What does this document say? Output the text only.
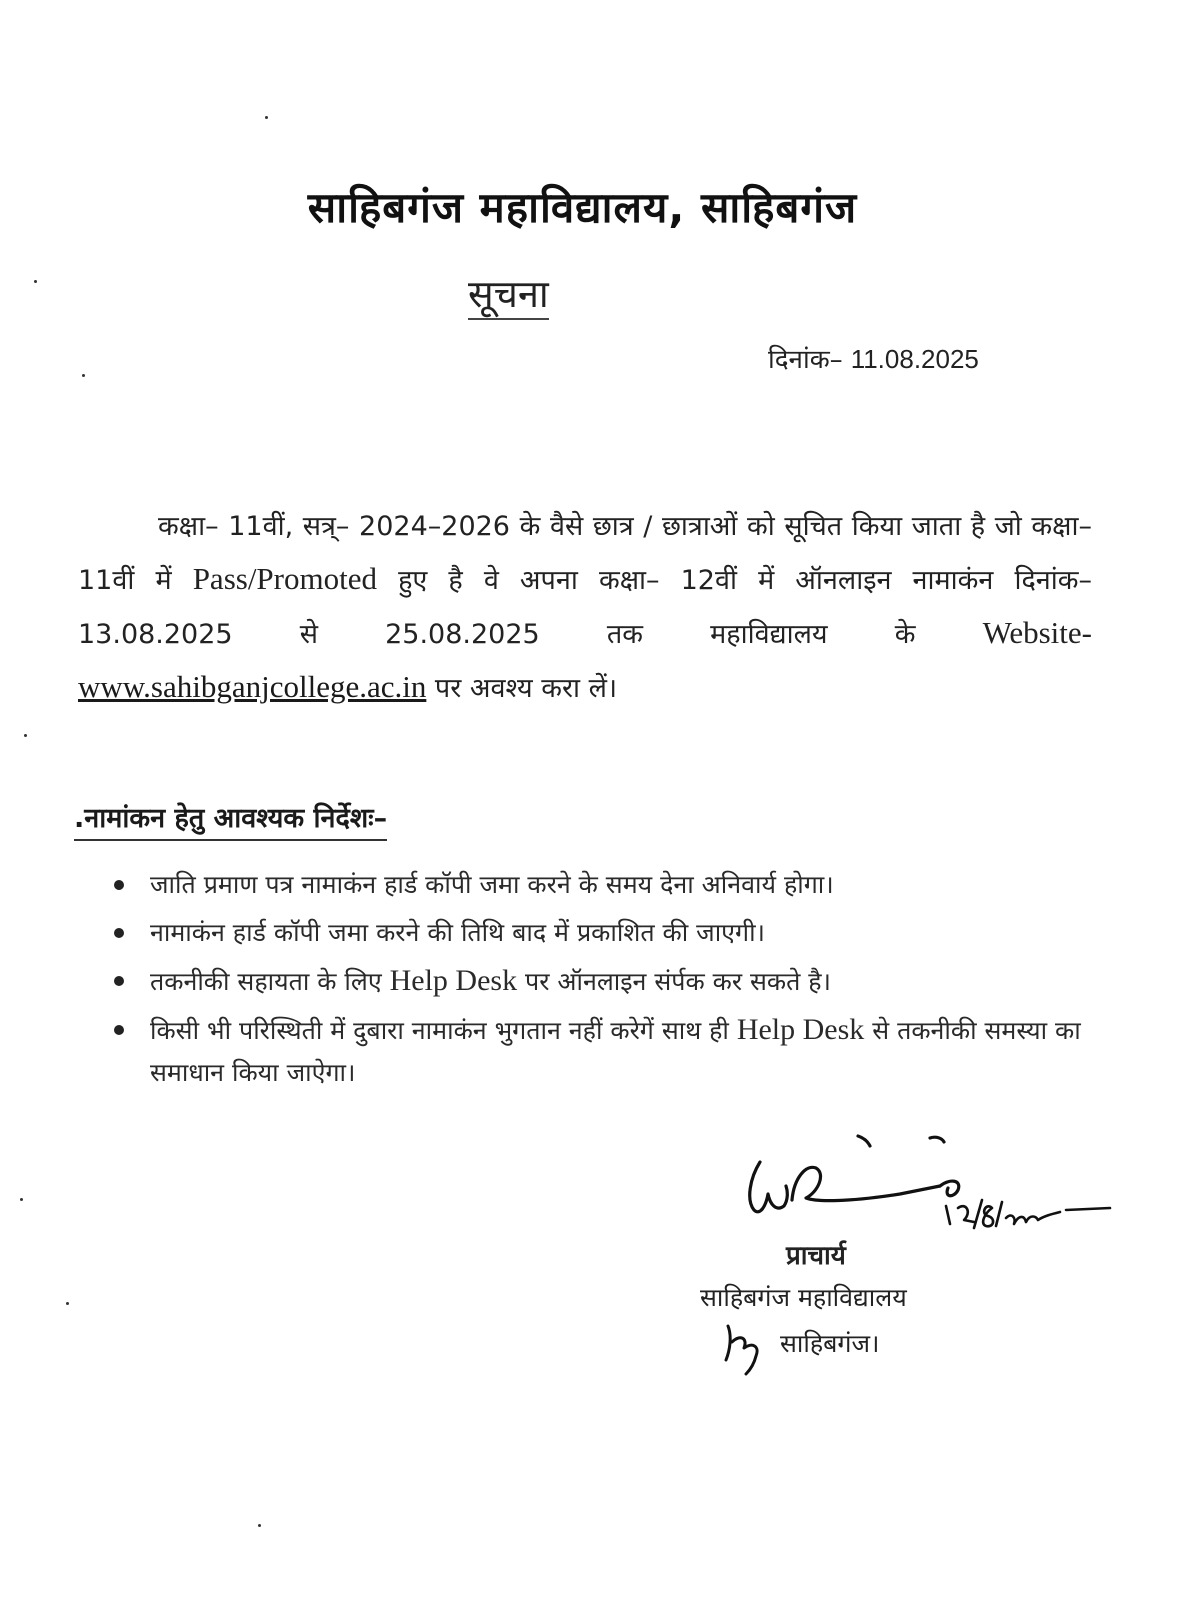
साहिबगंज महाविद्यालय, साहिबगंज
सूचना
दिनांक– 11.08.2025

कक्षा– 11वीं, सत्र्– 2024–2026 के वैसे छात्र / छात्राओं को सूचित किया जाता है जो कक्षा– 11वीं में Pass/Promoted हुए है वे अपना कक्षा– 12वीं में ऑनलाइन नामाकंन दिनांक– 13.08.2025 से 25.08.2025 तक महाविद्यालय के Website- www.sahibganjcollege.ac.in पर अवश्य करा लें।

.नामांकन हेतु आवश्यक निर्देशः–
जाति प्रमाण पत्र नामाकंन हार्ड कॉपी जमा करने के समय देना अनिवार्य होगा।
नामाकंन हार्ड कॉपी जमा करने की तिथि बाद में प्रकाशित की जाएगी।
तकनीकी सहायता के लिए Help Desk पर ऑनलाइन संर्पक कर सकते है।
किसी भी परिस्थिती में दुबारा नामाकंन भुगतान नहीं करेगें साथ ही Help Desk से तकनीकी समस्या का समाधान किया जाऐगा।
प्राचार्य
साहिबगंज महाविद्यालय
साहिबगंज।
